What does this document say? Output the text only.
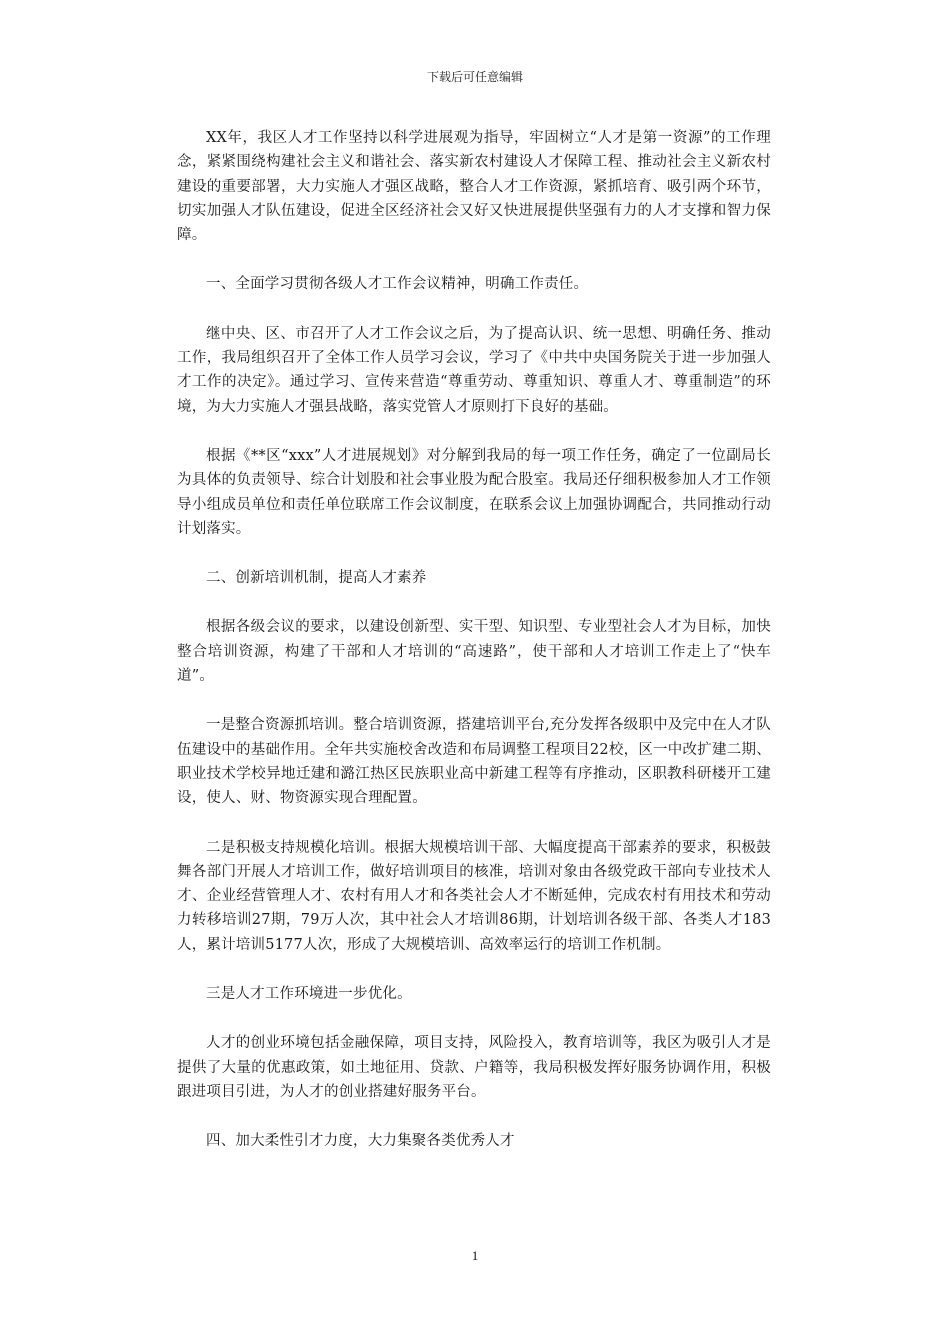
下载后可任意编辑

XX年，我区人才工作坚持以科学进展观为指导，牢固树立“人才是第一资源”的工作理念，紧紧围绕构建社会主义和谐社会、落实新农村建设人才保障工程、推动社会主义新农村建设的重要部署，大力实施人才强区战略，整合人才工作资源，紧抓培育、吸引两个环节，切实加强人才队伍建设，促进全区经济社会又好又快进展提供坚强有力的人才支撑和智力保障。

一、全面学习贯彻各级人才工作会议精神，明确工作责任。

继中央、区、市召开了人才工作会议之后，为了提高认识、统一思想、明确任务、推动工作，我局组织召开了全体工作人员学习会议，学习了《中共中央国务院关于进一步加强人才工作的决定》。通过学习、宣传来营造“尊重劳动、尊重知识、尊重人才、尊重制造”的环境，为大力实施人才强县战略，落实党管人才原则打下良好的基础。

根据《**区“xxx”人才进展规划》对分解到我局的每一项工作任务，确定了一位副局长为具体的负责领导、综合计划股和社会事业股为配合股室。我局还仔细积极参加人才工作领导小组成员单位和责任单位联席工作会议制度，在联系会议上加强协调配合，共同推动行动计划落实。

二、创新培训机制，提高人才素养

根据各级会议的要求，以建设创新型、实干型、知识型、专业型社会人才为目标，加快整合培训资源，构建了干部和人才培训的“高速路”，使干部和人才培训工作走上了“快车道”。

一是整合资源抓培训。整合培训资源，搭建培训平台,充分发挥各级职中及完中在人才队伍建设中的基础作用。全年共实施校舍改造和布局调整工程项目22校，区一中改扩建二期、职业技术学校异地迁建和潞江热区民族职业高中新建工程等有序推动，区职教科研楼开工建设，使人、财、物资源实现合理配置。

二是积极支持规模化培训。根据大规模培训干部、大幅度提高干部素养的要求，积极鼓舞各部门开展人才培训工作，做好培训项目的核准，培训对象由各级党政干部向专业技术人才、企业经营管理人才、农村有用人才和各类社会人才不断延伸，完成农村有用技术和劳动力转移培训27期，79万人次，其中社会人才培训86期，计划培训各级干部、各类人才183人，累计培训5177人次，形成了大规模培训、高效率运行的培训工作机制。

三是人才工作环境进一步优化。

人才的创业环境包括金融保障，项目支持，风险投入，教育培训等，我区为吸引人才是提供了大量的优惠政策，如土地征用、贷款、户籍等，我局积极发挥好服务协调作用，积极跟进项目引进，为人才的创业搭建好服务平台。

四、加大柔性引才力度，大力集聚各类优秀人才

1
